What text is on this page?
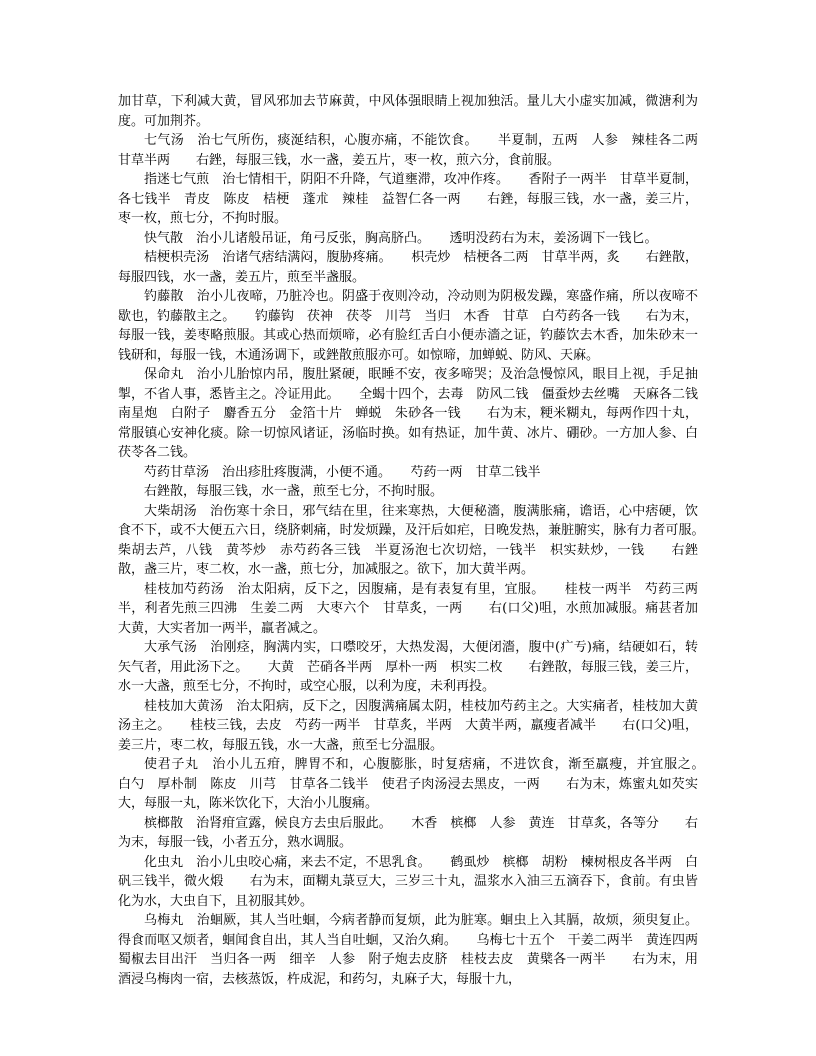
加甘草，下利减大黄，冒风邪加去节麻黄，中风体强眼睛上视加独活。量儿大小虚实加减，微溏利为度。可加荆芥。

七气汤　治七气所伤，痰涎结积，心腹亦痛，不能饮食。　　半夏制，五两　人参　辣桂各二两　甘草半两　　右銼，每服三钱，水一盏，姜五片，枣一枚，煎六分，食前服。

指迷七气煎　治七情相干，阴阳不升降，气道壅滞，攻冲作疼。　　香附子一两半　甘草半夏制，各七钱半　青皮　陈皮　桔梗　蓬朮　辣桂　益智仁各一两　　右銼，每服三钱，水一盏，姜三片，枣一枚，煎七分，不拘时服。

快气散　治小儿诸般吊证，角弓反张，胸高脐凸。　　透明没药右为末，姜汤调下一钱匕。

桔梗枳壳汤　治诸气痞结满闷，腹胁疼痛。　　枳壳炒　桔梗各二两　甘草半两，炙　　右銼散，每服四钱，水一盏，姜五片，煎至半盏服。

钓藤散　治小儿夜啼，乃脏冷也。阴盛于夜则冷动，冷动则为阴极发躁，寒盛作痛，所以夜啼不歇也，钓藤散主之。　　钓藤钩　茯神　茯苓　川芎　当归　木香　甘草　白芍药各一钱　　右为末，每服一钱，姜枣略煎服。其或心热而烦啼，必有脸红舌白小便赤濇之证，钓藤饮去木香，加朱砂末一钱研和，每服一钱，木通汤调下，或銼散煎服亦可。如惊啼，加蝉蜕、防风、天麻。

保命丸　治小儿胎惊内吊，腹肚紧硬，眠睡不安，夜多啼哭；及治急慢惊风，眼目上视，手足抽掣，不省人事，悉皆主之。冷证用此。　　全蝎十四个，去毒　防风二钱　僵蚕炒去丝嘴　天麻各二钱　南星炮　白附子　麝香五分　金箔十片　蝉蜕　朱砂各一钱　　右为末，粳米糊丸，每两作四十丸，常服镇心安神化痰。除一切惊风诸证，汤临时换。如有热证，加牛黄、冰片、硼砂。一方加人参、白茯苓各二钱。

芍药甘草汤　治出疹肚疼腹满，小便不通。　　芍药一两　甘草二钱半

右銼散，每服三钱，水一盏，煎至七分，不拘时服。

大柴胡汤　治伤寒十余日，邪气结在里，往来寒热，大便秘濇，腹满胀痛，谵语，心中痞硬，饮食不下，或不大便五六日，绕脐刺痛，时发烦躁，及汗后如疟，日晚发热，兼脏腑实，脉有力者可服。　　柴胡去芦，八钱　黄芩炒　赤芍药各三钱　半夏汤泡七次切焙，一钱半　枳实麸炒，一钱　　右銼散，盏三片，枣二枚，水一盏，煎七分，加减服之。欲下，加大黄半两。

桂枝加芍药汤　治太阳病，反下之，因腹痛，是有表复有里，宜服。　　桂枝一两半　芍药三两半，利者先煎三四沸　生姜二两　大枣六个　甘草炙，一两　　右(口父)咀，水煎加减服。痛甚者加大黄，大实者加一两半，羸者减之。

大承气汤　治刚痉，胸满内实，口噤咬牙，大热发渴，大便闭濇，腹中(疒亐)痛，结硬如石，转矢气者，用此汤下之。　　大黄　芒硝各半两　厚朴一两　枳实二枚　　右銼散，每服三钱，姜三片，水一大盏，煎至七分，不拘时，或空心服，以利为度，未利再投。

桂枝加大黄汤　治太阳病，反下之，因腹满痛属太阴，桂枝加芍药主之。大实痛者，桂枝加大黄汤主之。　　桂枝三钱，去皮　芍药一两半　甘草炙，半两　大黄半两，羸瘦者减半　　右(口父)咀，姜三片，枣二枚，每服五钱，水一大盏，煎至七分温服。

使君子丸　治小儿五疳，脾胃不和，心腹膨胀，时复痞痛，不进饮食，渐至羸瘦，并宜服之。　　白勺　厚朴制　陈皮　川芎　甘草各二钱半　使君子肉汤浸去黑皮，一两　　右为末，炼蜜丸如芡实大，每服一丸，陈米饮化下，大治小儿腹痛。

槟榔散　治肾疳宣露，候良方去虫后服此。　　木香　槟榔　人参　黄连　甘草炙，各等分　　右为末，每服一钱，小者五分，熟水调服。

化虫丸　治小儿虫咬心痛，来去不定，不思乳食。　　鹤虱炒　槟榔　胡粉　楝树根皮各半两　白矾三钱半，微火煅　　右为末，面糊丸菉豆大，三岁三十丸，温浆水入油三五滴吞下，食前。有虫皆化为水，大虫自下，且初服其妙。

乌梅丸　治蛔厥，其人当吐蛔，今病者静而复烦，此为脏寒。蛔虫上入其膈，故烦，须臾复止。得食而呕又烦者，蛔闻食自出，其人当自吐蛔，又治久痢。　　乌梅七十五个　干姜二两半　黄连四两　蜀椒去目出汗　当归各一两　细辛　人参　附子炮去皮脐　桂枝去皮　黄檗各一两半　　右为末，用酒浸乌梅肉一宿，去核蒸饭，杵成泥，和药匀，丸麻子大，每服十九，
